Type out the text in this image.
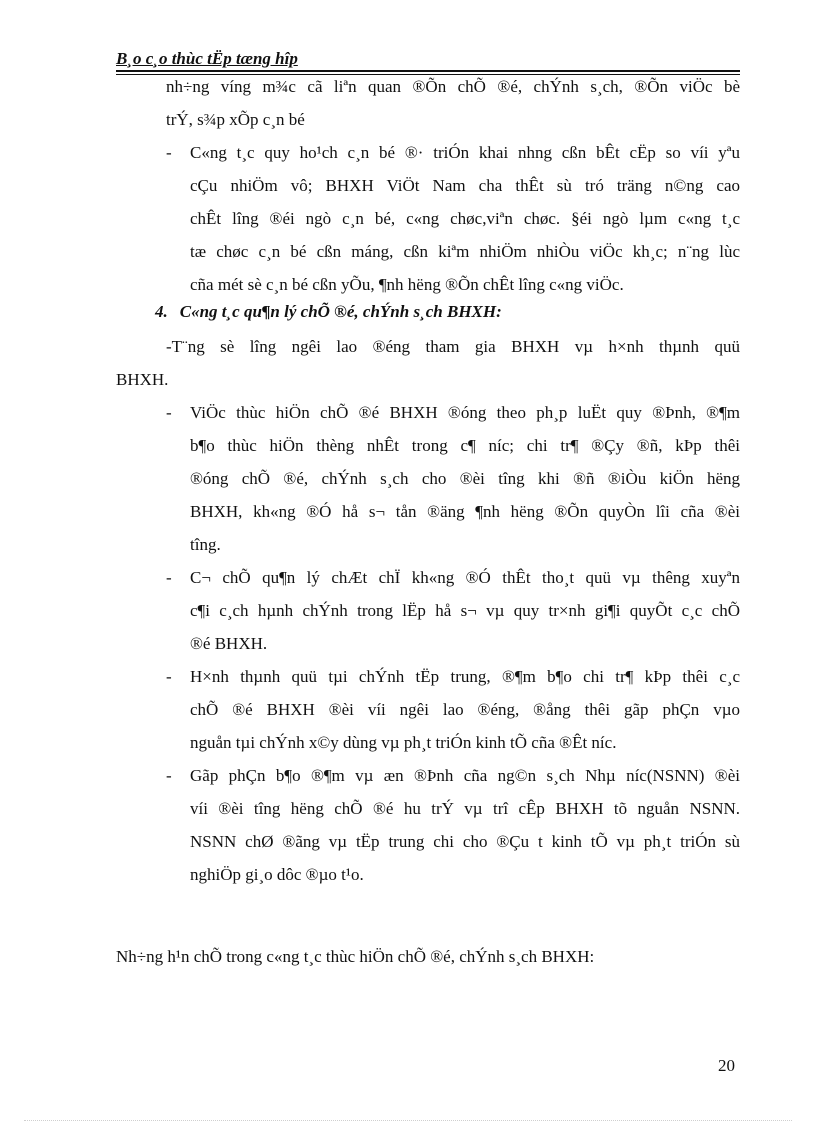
B¸o c¸o thùc tËp tæng hîp
nh÷ng víng m¾c cã liªn quan ®Õn chÕ ®é, chÝnh s¸ch, ®Õn viÖc bè
trÝ, s¾p xÕp c¸n bé
- C«ng t¸c quy ho¹ch c¸n bé ®· triÓn khai nhng cßn bÊt cËp so víi yªu
cÇu nhiÖm vô; BHXH ViÖt Nam cha thÊt sù tró träng n©ng cao
chÊt lîng ®éi ngò c¸n bé, c«ng chøc,viªn chøc. §éi ngò lµm c«ng t¸c
tæ chøc c¸n bé cßn máng, cßn kiªm nhiÖm nhiÒu viÖc kh¸c; n¨ng lùc
cña mét sè c¸n bé cßn yÕu, ¶nh hëng ®Õn chÊt lîng c«ng viÖc.
4. C«ng t¸c qu¶n lý chÕ ®é, chÝnh s¸ch BHXH:
-T¨ng sè lîng ngêi lao ®éng tham gia BHXH vµ h×nh thµnh quü
BHXH.
- ViÖc thùc hiÖn chÕ ®é BHXH ®óng theo ph¸p luËt quy ®Þnh, ®¶m
b¶o thùc hiÖn thèng nhÊt trong c¶ níc; chi tr¶ ®Çy ®ñ, kÞp thêi
®óng chÕ ®é, chÝnh s¸ch cho ®èi tîng khi ®ñ ®iÒu kiÖn hëng
BHXH, kh«ng ®Ó hå s¬ tån ®äng ¶nh hëng ®Õn quyÒn lîi cña ®èi
tîng.
- C¬ chÕ qu¶n lý chÆt chÏ kh«ng ®Ó thÊt tho¸t quü vµ thêng xuyªn
c¶i c¸ch hµnh chÝnh trong lËp hå s¬ vµ quy tr×nh gi¶i quyÕt c¸c chÕ
®é BHXH.
- H×nh thµnh quü tµi chÝnh tËp trung, ®¶m b¶o chi tr¶ kÞp thêi c¸c
chÕ ®é BHXH ®èi víi ngêi lao ®éng, ®ång thêi gãp phÇn vµo
nguån tµi chÝnh x©y dùng vµ ph¸t triÓn kinh tÕ cña ®Êt níc.
- Gãp phÇn b¶o ®¶m vµ æn ®Þnh cña ng©n s¸ch Nhµ níc(NSNN) ®èi
víi ®èi tîng hëng chÕ ®é hu trÝ vµ trî cÊp BHXH tõ nguån NSNN.
NSNN chØ ®ãng vµ tËp trung chi cho ®Çu t kinh tÕ vµ ph¸t triÓn sù
nghiÖp gi¸o dôc ®µo t¹o.
Nh÷ng h¹n chÕ trong c«ng t¸c thùc hiÖn chÕ ®é, chÝnh s¸ch BHXH:
20
